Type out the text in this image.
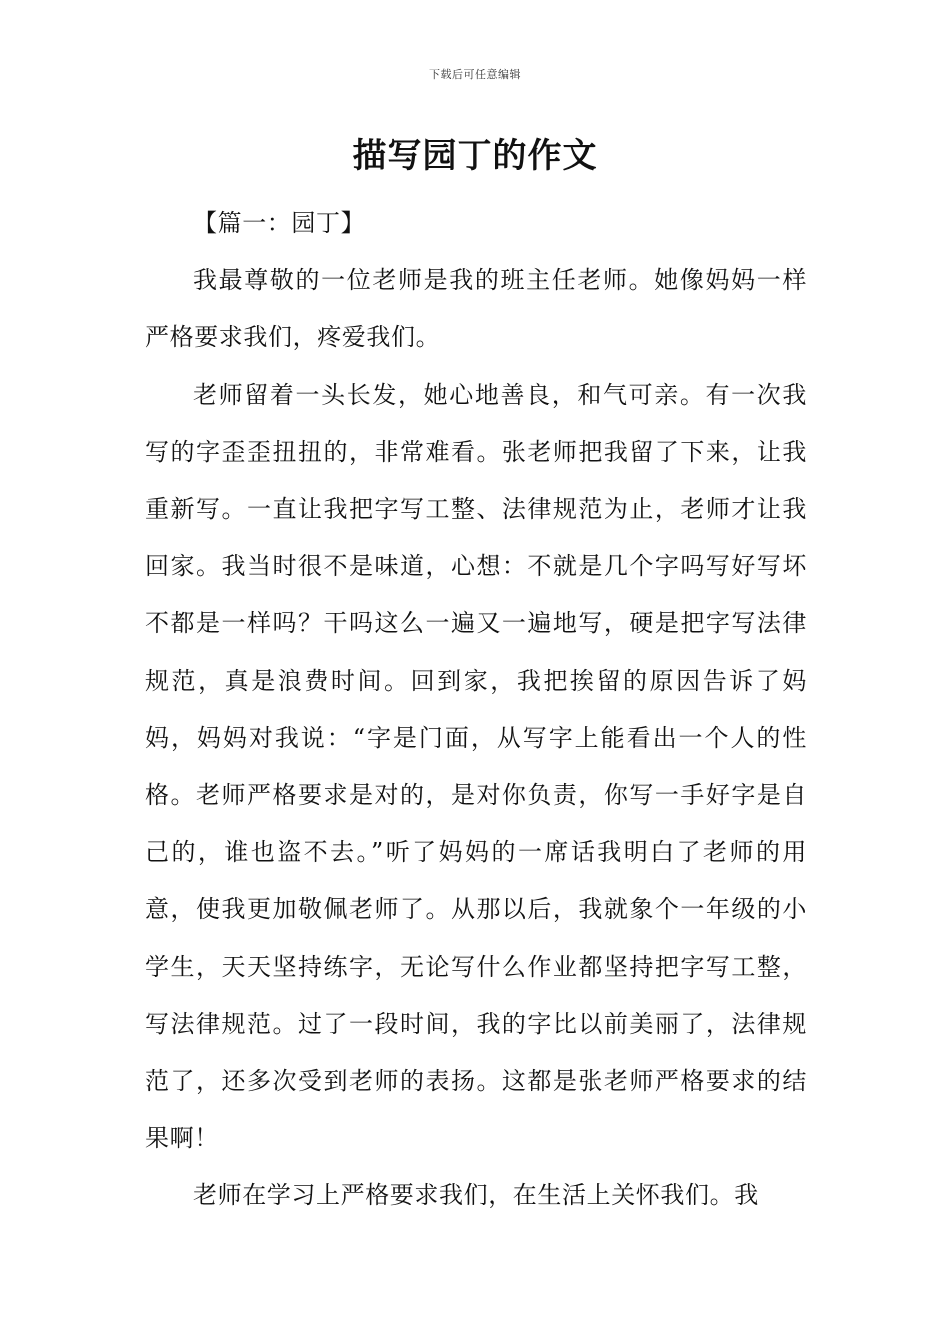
下载后可任意编辑
描写园丁的作文

【篇一：园丁】

我最尊敬的一位老师是我的班主任老师。她像妈妈一样严格要求我们，疼爱我们。

老师留着一头长发，她心地善良，和气可亲。有一次我写的字歪歪扭扭的，非常难看。张老师把我留了下来，让我重新写。一直让我把字写工整、法律规范为止，老师才让我回家。我当时很不是味道，心想：不就是几个字吗写好写坏不都是一样吗？干吗这么一遍又一遍地写，硬是把字写法律规范，真是浪费时间。回到家，我把挨留的原因告诉了妈妈，妈妈对我说：“字是门面，从写字上能看出一个人的性格。老师严格要求是对的，是对你负责，你写一手好字是自己的，谁也盗不去。”听了妈妈的一席话我明白了老师的用意，使我更加敬佩老师了。从那以后，我就象个一年级的小学生，天天坚持练字，无论写什么作业都坚持把字写工整，写法律规范。过了一段时间，我的字比以前美丽了，法律规范了，还多次受到老师的表扬。这都是张老师严格要求的结果啊！

老师在学习上严格要求我们，在生活上关怀我们。我
